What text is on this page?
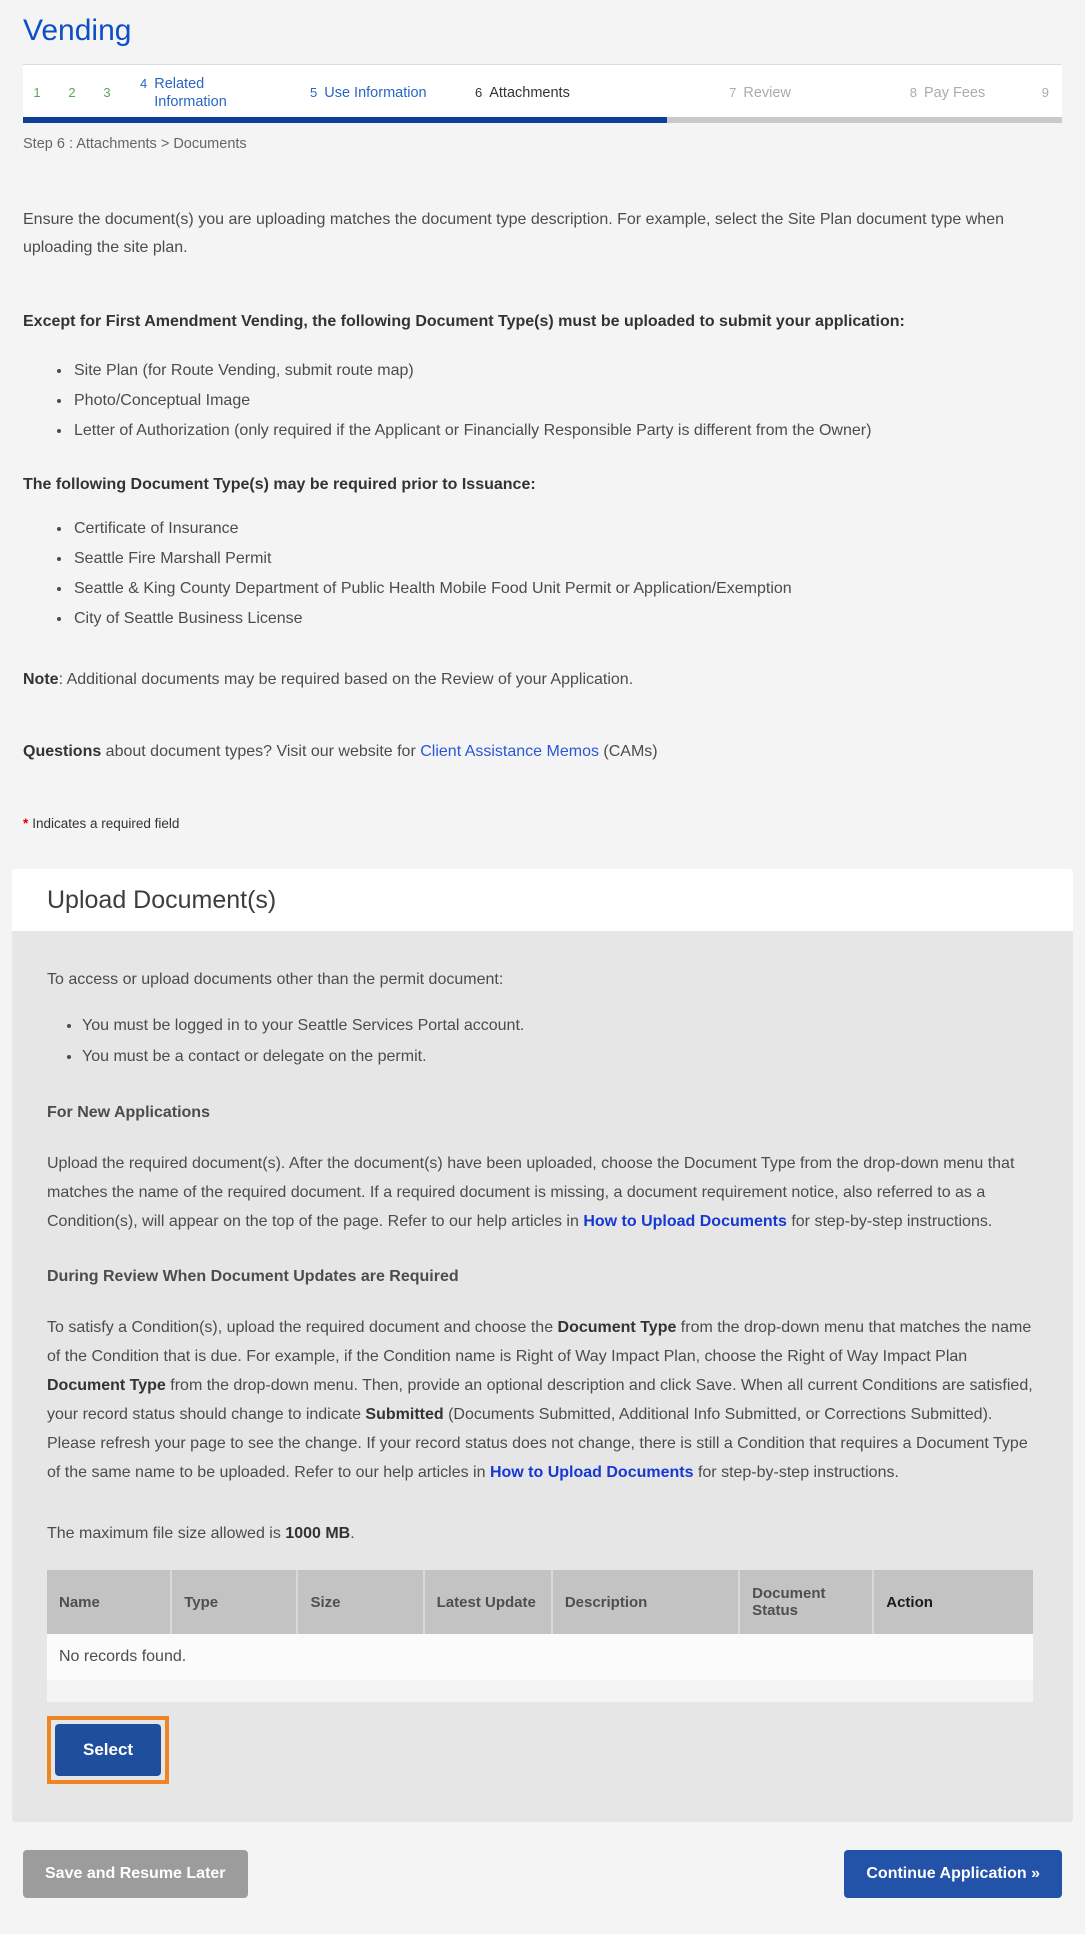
Vending
1 2 3
4 Related Information
5 Use Information	6 Attachments	7 Review	8 Pay Fees	9
Step 6 : Attachments > Documents

Ensure the document(s) you are uploading matches the document type description. For example, select the Site Plan document type when uploading the site plan.

Except for First Amendment Vending, the following Document Type(s) must be uploaded to submit your application:

• Site Plan (for Route Vending, submit route map)
• Photo/Conceptual Image
• Letter of Authorization (only required if the Applicant or Financially Responsible Party is different from the Owner)

The following Document Type(s) may be required prior to Issuance:

• Certificate of Insurance
• Seattle Fire Marshall Permit
• Seattle & King County Department of Public Health Mobile Food Unit Permit or Application/Exemption
• City of Seattle Business License

Note: Additional documents may be required based on the Review of your Application.

Questions about document types? Visit our website for Client Assistance Memos (CAMs)

* Indicates a required field

Upload Document(s)

To access or upload documents other than the permit document:

• You must be logged in to your Seattle Services Portal account.
• You must be a contact or delegate on the permit.

For New Applications

Upload the required document(s). After the document(s) have been uploaded, choose the Document Type from the drop-down menu that matches the name of the required document. If a required document is missing, a document requirement notice, also referred to as a Condition(s), will appear on the top of the page. Refer to our help articles in How to Upload Documents for step-by-step instructions.

During Review When Document Updates are Required

To satisfy a Condition(s), upload the required document and choose the Document Type from the drop-down menu that matches the name of the Condition that is due. For example, if the Condition name is Right of Way Impact Plan, choose the Right of Way Impact Plan Document Type from the drop-down menu. Then, provide an optional description and click Save. When all current Conditions are satisfied, your record status should change to indicate Submitted (Documents Submitted, Additional Info Submitted, or Corrections Submitted). Please refresh your page to see the change. If your record status does not change, there is still a Condition that requires a Document Type of the same name to be uploaded. Refer to our help articles in How to Upload Documents for step-by-step instructions.

The maximum file size allowed is 1000 MB.

Name	Type	Size	Latest Update	Description	Document Status	Action
No records found.
Select
Save and Resume Later	Continue Application »
